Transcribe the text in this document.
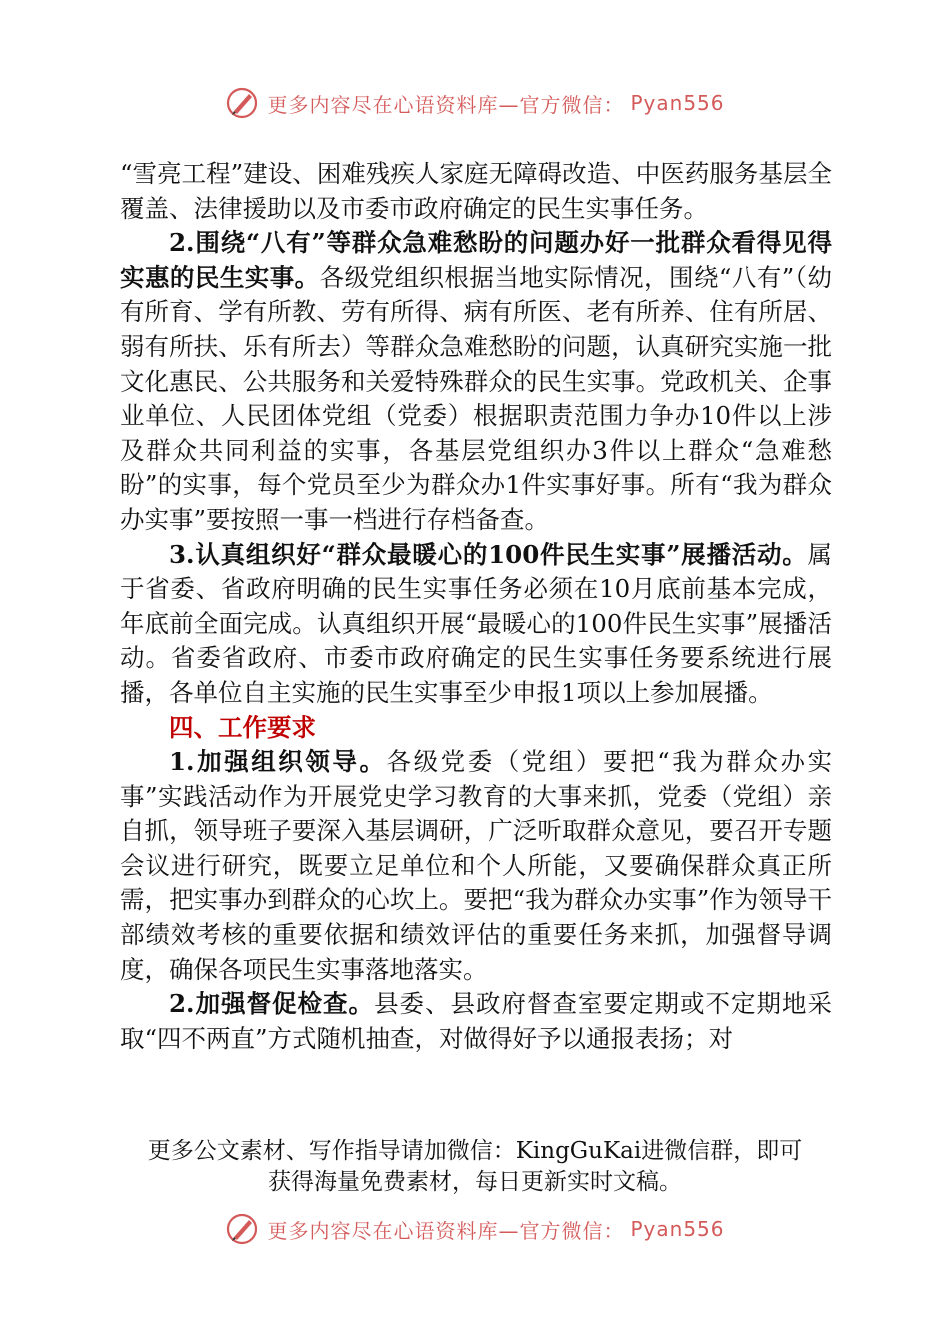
更多内容尽在心语资料库—官方微信： Pyan556

“雪亮工程”建设、困难残疾人家庭无障碍改造、中医药服务基层全覆盖、法律援助以及市委市政府确定的民生实事任务。

2.围绕“八有”等群众急难愁盼的问题办好一批群众看得见得实惠的民生实事。各级党组织根据当地实际情况，围绕“八有”（幼有所育、学有所教、劳有所得、病有所医、老有所养、住有所居、弱有所扶、乐有所去）等群众急难愁盼的问题，认真研究实施一批文化惠民、公共服务和关爱特殊群众的民生实事。党政机关、企事业单位、人民团体党组（党委）根据职责范围力争办10件以上涉及群众共同利益的实事，各基层党组织办3件以上群众“急难愁盼”的实事，每个党员至少为群众办1件实事好事。所有“我为群众办实事”要按照一事一档进行存档备查。

3.认真组织好“群众最暖心的100件民生实事”展播活动。属于省委、省政府明确的民生实事任务必须在10月底前基本完成，年底前全面完成。认真组织开展“最暖心的100件民生实事”展播活动。省委省政府、市委市政府确定的民生实事任务要系统进行展播，各单位自主实施的民生实事至少申报1项以上参加展播。

四、工作要求

1.加强组织领导。各级党委（党组）要把“我为群众办实事”实践活动作为开展党史学习教育的大事来抓，党委（党组）亲自抓，领导班子要深入基层调研，广泛听取群众意见，要召开专题会议进行研究，既要立足单位和个人所能，又要确保群众真正所需，把实事办到群众的心坎上。要把“我为群众办实事”作为领导干部绩效考核的重要依据和绩效评估的重要任务来抓，加强督导调度，确保各项民生实事落地落实。

2.加强督促检查。县委、县政府督查室要定期或不定期地采取“四不两直”方式随机抽查，对做得好予以通报表扬；对

更多公文素材、写作指导请加微信：KingGuKai进微信群，即可
获得海量免费素材，每日更新实时文稿。
更多内容尽在心语资料库—官方微信： Pyan556
